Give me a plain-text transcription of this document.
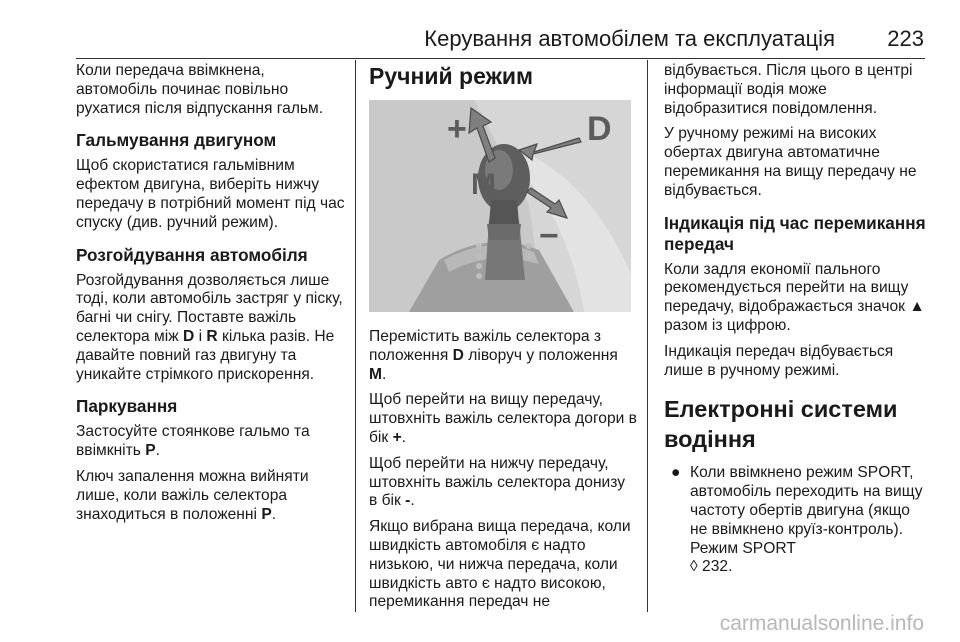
Керування автомобілем та експлуатація 223

Коли передача ввімкнена, автомобіль починає повільно рухатися після відпускання гальм.

Гальмування двигуном

Щоб скористатися гальмівним ефектом двигуна, виберіть нижчу передачу в потрібний момент під час спуску (див. ручний режим).

Розгойдування автомобіля

Розгойдування дозволяється лише тоді, коли автомобіль застряг у піску, багні чи снігу. Поставте важіль селектора між D і R кілька разів. Не давайте повний газ двигуну та уникайте стрімкого прискорення.

Паркування

Застосуйте стоянкове гальмо та ввімкніть P.

Ключ запалення можна вийняти лише, коли важіль селектора знаходиться в положенні P.

Ручний режим
+
−
D
M

Перемістить важіль селектора з положення D ліворуч у положення M.

Щоб перейти на вищу передачу, штовхніть важіль селектора догори в бік +.

Щоб перейти на нижчу передачу, штовхніть важіль селектора донизу в бік -.

Якщо вибрана вища передача, коли швидкість автомобіля є надто низькою, чи нижча передача, коли швидкість авто є надто високою, перемикання передач не

відбувається. Після цього в центрі інформації водія може відобразитися повідомлення.

У ручному режимі на високих обертах двигуна автоматичне перемикання на вищу передачу не відбувається.

Індикація під час перемикання передач

Коли задля економії пального рекомендується перейти на вищу передачу, відображається значок ▲ разом із цифрою.

Індикація передач відбувається лише в ручному режимі.

Електронні системи водіння
● Коли ввімкнено режим SPORT, автомобіль переходить на вищу частоту обертів двигуна (якщо не ввімкнено круїз-контроль). Режим SPORT
◊ 232.
carmanualsonline.info
